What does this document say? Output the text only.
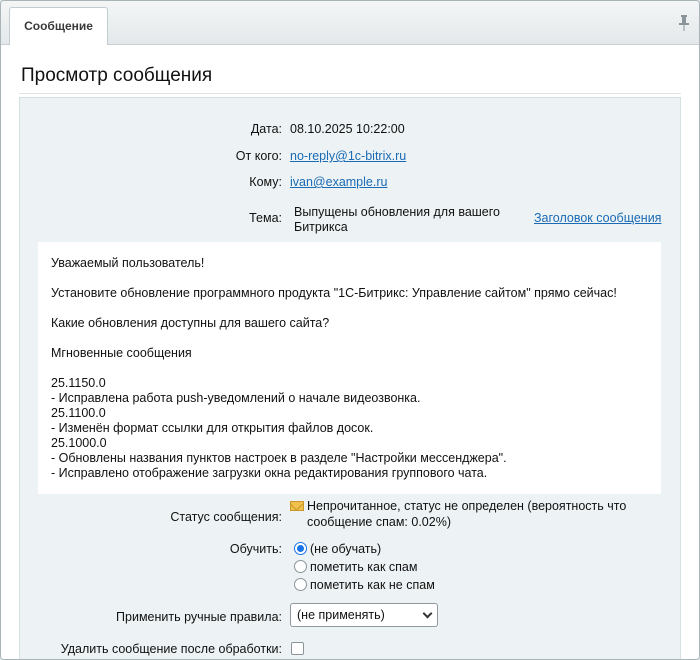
Сообщение
Просмотр сообщения
Дата: 08.10.2025 10:22:00
От кого: no-reply@1c-bitrix.ru
Кому: ivan@example.ru
Тема: Выпущены обновления для вашего Битрикса
Заголовок сообщения

Уважаемый пользователь!

Установите обновление программного продукта "1С-Битрикс: Управление сайтом" прямо сейчас!

Какие обновления доступны для вашего сайта?

Мгновенные сообщения

25.1150.0

- Исправлена работа push-уведомлений о начале видеозвонка.

25.1100.0

- Изменён формат ссылки для открытия файлов досок.

25.1000.0

- Обновлены названия пунктов настроек в разделе "Настройки мессенджера".

- Исправлено отображение загрузки окна редактирования группового чата.

Статус сообщения:
Непрочитанное, статус не определен (вероятность что сообщение спам: 0.02%)
Обучить:	(не обучать)
пометить как спам
пометить как не спам
Применить ручные правила:	(не применять)
Удалить сообщение после обработки:
